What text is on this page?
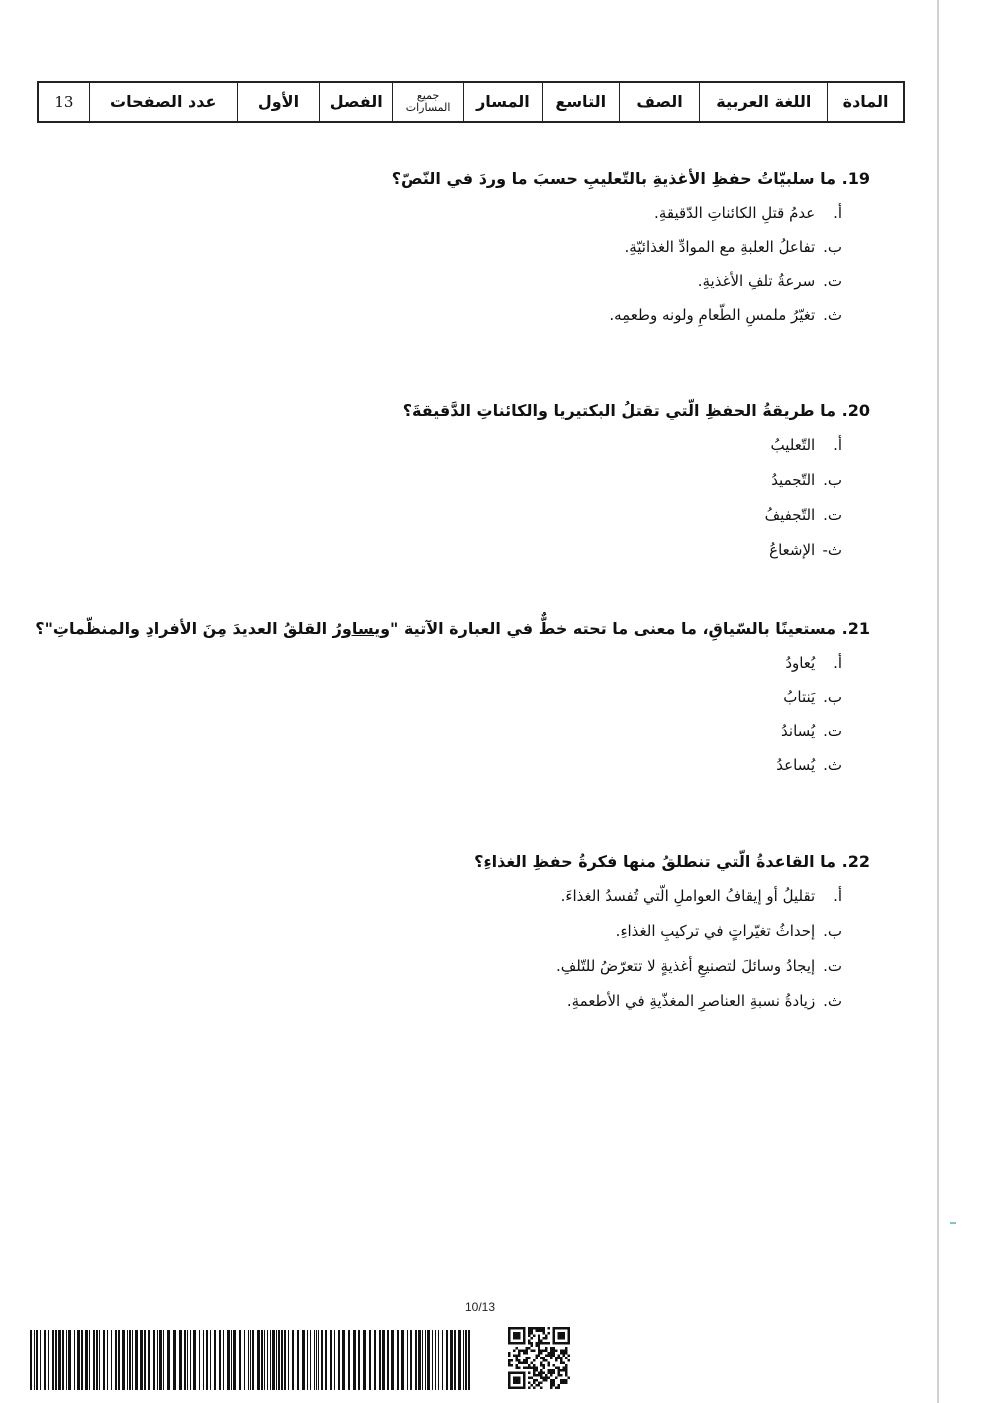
المادة
اللغة العربية
الصف
التاسع
المسار
جميع المسارات
الفصل
الأول
عدد الصفحات
13

19. ما سلبيّاتُ حفظِ الأغذيةِ بالتّعليبِ حسبَ ما وردَ في النّصّ؟

أ. عدمُ قتلِ الكائناتِ الدّقيقةِ.
ب. تفاعلُ العلبةِ مع الموادِّ الغذائيّةِ.
ت. سرعةُ تلفِ الأغذيةِ.
ث. تغيّرُ ملمسِ الطّعامِ ولونه وطعمِه.

20. ما طريقةُ الحفظِ الّتي تقتلُ البكتيريا والكائناتِ الدَّقيقةَ؟

أ. التّعليبُ
ب. التّجميدُ
ت. التّجفيفُ
ث- الإشعاعُ

21. مستعينًا بالسّياقِ، ما معنى ما تحته خطٌّ في العبارة الآتية "ويساورُ القلقُ العديدَ مِنَ الأفرادِ والمنظّماتِ"؟

أ. يُعاودُ
ب. يَنتابُ
ت. يُساندُ
ث. يُساعدُ

22. ما القاعدةُ الّتي تنطلقُ منها فكرةُ حفظِ الغذاءِ؟

أ. تقليلُ أو إيقافُ العواملِ الّتي تُفسدُ الغذاءَ.
ب. إحداثُ تغيّراتٍ في تركيبِ الغذاءِ.
ت. إيجادُ وسائلَ لتصنيعِ أغذيةٍ لا تتعرّضُ للتّلفِ.
ث. زيادةُ نسبةِ العناصرِ المغذّيةِ في الأطعمةِ.
10/13
